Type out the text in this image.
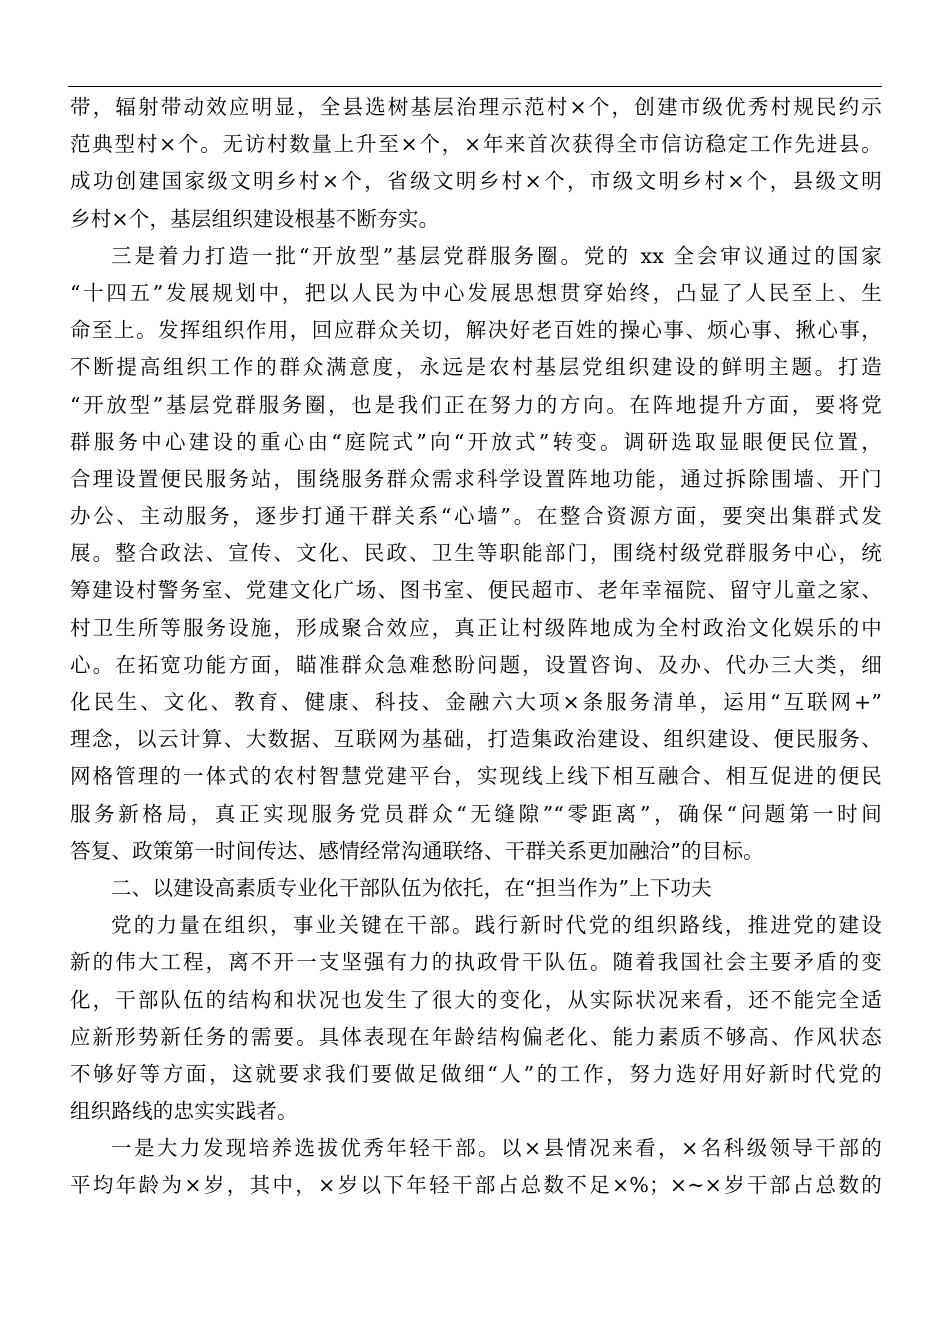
带，辐射带动效应明显，全县选树基层治理示范村×个，创建市级优秀村规民约示
范典型村×个。无访村数量上升至×个，×年来首次获得全市信访稳定工作先进县。
成功创建国家级文明乡村×个，省级文明乡村×个，市级文明乡村×个，县级文明
乡村×个，基层组织建设根基不断夯实。
三是着力打造一批“开放型”基层党群服务圈。党的 xx 全会审议通过的国家
“十四五”发展规划中，把以人民为中心发展思想贯穿始终，凸显了人民至上、生
命至上。发挥组织作用，回应群众关切，解决好老百姓的操心事、烦心事、揪心事，
不断提高组织工作的群众满意度，永远是农村基层党组织建设的鲜明主题。打造
“开放型”基层党群服务圈，也是我们正在努力的方向。在阵地提升方面，要将党
群服务中心建设的重心由“庭院式”向“开放式”转变。调研选取显眼便民位置，
合理设置便民服务站，围绕服务群众需求科学设置阵地功能，通过拆除围墙、开门
办公、主动服务，逐步打通干群关系“心墙”。在整合资源方面，要突出集群式发
展。整合政法、宣传、文化、民政、卫生等职能部门，围绕村级党群服务中心，统
筹建设村警务室、党建文化广场、图书室、便民超市、老年幸福院、留守儿童之家、
村卫生所等服务设施，形成聚合效应，真正让村级阵地成为全村政治文化娱乐的中
心。在拓宽功能方面，瞄准群众急难愁盼问题，设置咨询、及办、代办三大类，细
化民生、文化、教育、健康、科技、金融六大项×条服务清单，运用“互联网+”
理念，以云计算、大数据、互联网为基础，打造集政治建设、组织建设、便民服务、
网格管理的一体式的农村智慧党建平台，实现线上线下相互融合、相互促进的便民
服务新格局，真正实现服务党员群众“无缝隙”“零距离”，确保“问题第一时间
答复、政策第一时间传达、感情经常沟通联络、干群关系更加融洽”的目标。
二、以建设高素质专业化干部队伍为依托，在“担当作为”上下功夫
党的力量在组织，事业关键在干部。践行新时代党的组织路线，推进党的建设
新的伟大工程，离不开一支坚强有力的执政骨干队伍。随着我国社会主要矛盾的变
化，干部队伍的结构和状况也发生了很大的变化，从实际状况来看，还不能完全适
应新形势新任务的需要。具体表现在年龄结构偏老化、能力素质不够高、作风状态
不够好等方面，这就要求我们要做足做细“人”的工作，努力选好用好新时代党的
组织路线的忠实实践者。
一是大力发现培养选拔优秀年轻干部。以×县情况来看，×名科级领导干部的
平均年龄为×岁，其中，×岁以下年轻干部占总数不足×%；×~×岁干部占总数的
